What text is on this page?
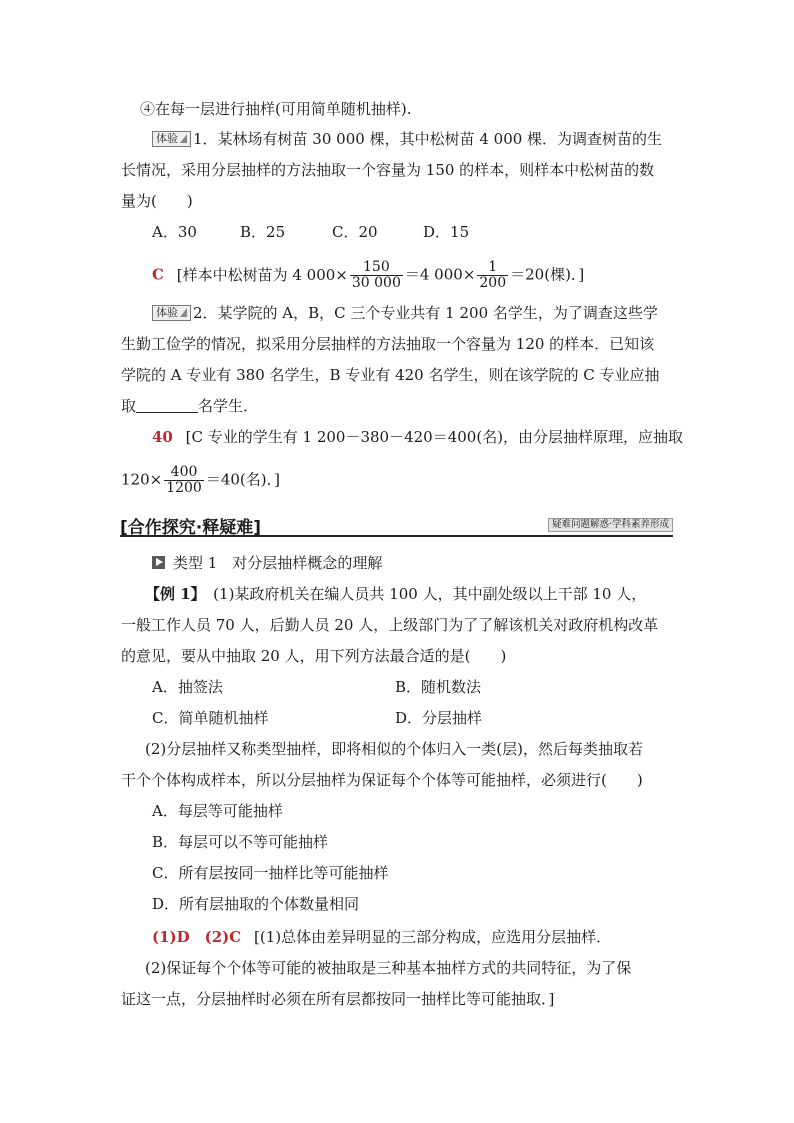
④在每一层进行抽样(可用简单随机抽样).
体验 1．某林场有树苗 30 000 棵，其中松树苗 4 000 棵．为调查树苗的生
长情况，采用分层抽样的方法抽取一个容量为 150 的样本，则样本中松树苗的数
量为(　　)
A．30	B．25	C．20	D．15
C [样本中松树苗为 4 $000\times \frac{150}{30 000} =4$ $000\times \frac{1}{200} =20$(棵)．]
体验 2．某学院的 A，B，C 三个专业共有 1 200 名学生，为了调查这些学
生勤工俭学的情况，拟采用分层抽样的方法抽取一个容量为 120 的样本．已知该
学院的 A 专业有 380 名学生，B 专业有 420 名学生，则在该学院的 C 专业应抽
取	名学生．
40 [C 专业的学生有 1 200－380－420＝400(名)，由分层抽样原理，应抽取
$120\times \frac{400}{1200} =40$(名)．]
[合作探究·释疑难]	疑难问题解惑·学科素养形成
类型 1　对分层抽样概念的理解
【例 1】　(1)某政府机关在编人员共 100 人，其中副处级以上干部 10 人，
一般工作人员 70 人，后勤人员 20 人，上级部门为了了解该机关对政府机构改革
的意见，要从中抽取 20 人，用下列方法最合适的是(　　)
A．抽签法	B．随机数法
C．简单随机抽样	D．分层抽样
(2)分层抽样又称类型抽样，即将相似的个体归入一类(层)，然后每类抽取若
干个个体构成样本，所以分层抽样为保证每个个体等可能抽样，必须进行(　　)
A．每层等可能抽样
B．每层可以不等可能抽样
C．所有层按同一抽样比等可能抽样
D．所有层抽取的个体数量相同
(1)D　(2)C [(1)总体由差异明显的三部分构成，应选用分层抽样．
(2)保证每个个体等可能的被抽取是三种基本抽样方式的共同特征，为了保
证这一点，分层抽样时必须在所有层都按同一抽样比等可能抽取．]
